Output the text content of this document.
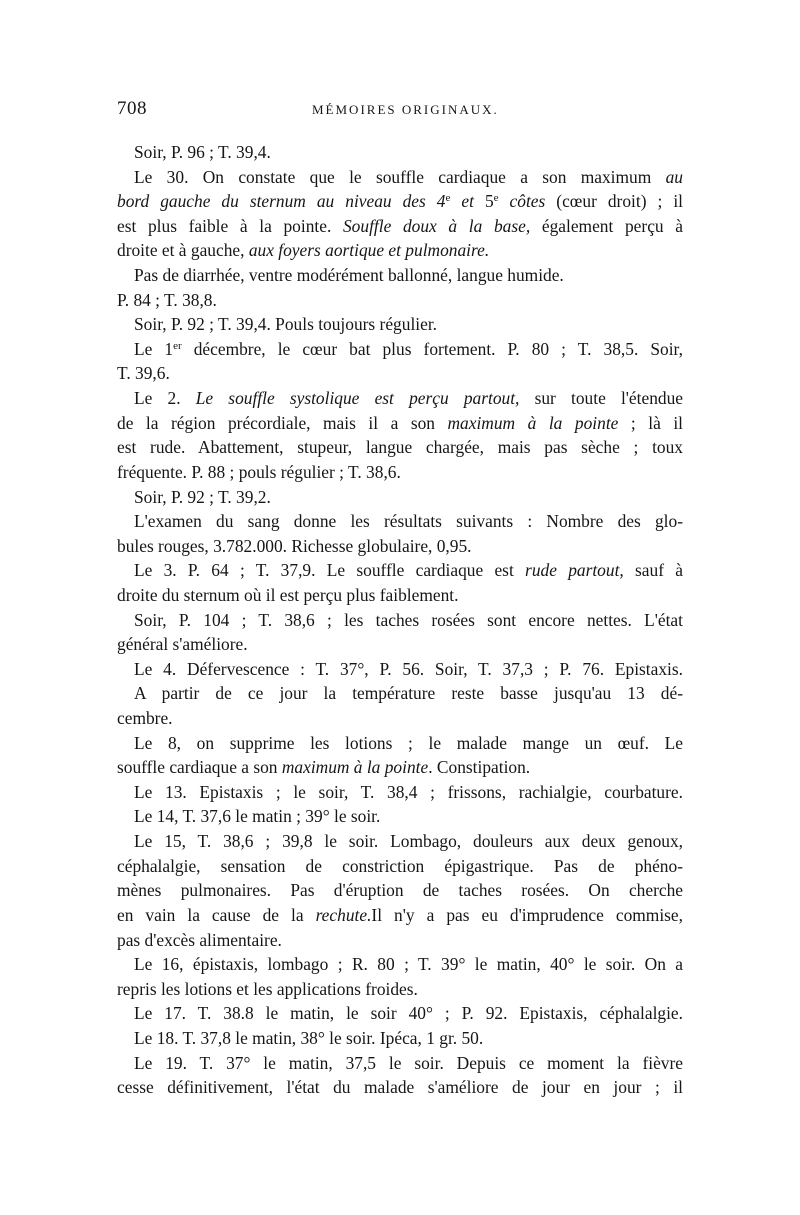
708	MÉMOIRES ORIGINAUX.
Soir, P. 96 ; T. 39,4.
Le 30. On constate que le souffle cardiaque a son maximum au
bord gauche du sternum au niveau des 4e et 5e côtes (cœur droit) ; il
est plus faible à la pointe. Souffle doux à la base, également perçu à
droite et à gauche, aux foyers aortique et pulmonaire.
Pas de diarrhée, ventre modérément ballonné, langue humide.
P. 84 ; T. 38,8.
Soir, P. 92 ; T. 39,4. Pouls toujours régulier.
Le 1er décembre, le cœur bat plus fortement. P. 80 ; T. 38,5. Soir,
T. 39,6.
Le 2. Le souffle systolique est perçu partout, sur toute l'étendue
de la région précordiale, mais il a son maximum à la pointe ; là il
est rude. Abattement, stupeur, langue chargée, mais pas sèche ; toux
fréquente. P. 88 ; pouls régulier ; T. 38,6.
Soir, P. 92 ; T. 39,2.
L'examen du sang donne les résultats suivants : Nombre des glo-
bules rouges, 3.782.000. Richesse globulaire, 0,95.
Le 3. P. 64 ; T. 37,9. Le souffle cardiaque est rude partout, sauf à
droite du sternum où il est perçu plus faiblement.
Soir, P. 104 ; T. 38,6 ; les taches rosées sont encore nettes. L'état
général s'améliore.
Le 4. Défervescence : T. 37°, P. 56. Soir, T. 37,3 ; P. 76. Epistaxis.
A partir de ce jour la température reste basse jusqu'au 13 dé-
cembre.
Le 8, on supprime les lotions ; le malade mange un œuf. Le
souffle cardiaque a son maximum à la pointe. Constipation.
Le 13. Epistaxis ; le soir, T. 38,4 ; frissons, rachialgie, courbature.
Le 14, T. 37,6 le matin ; 39° le soir.
Le 15, T. 38,6 ; 39,8 le soir. Lombago, douleurs aux deux genoux,
céphalalgie, sensation de constriction épigastrique. Pas de phéno-
mènes pulmonaires. Pas d'éruption de taches rosées. On cherche
en vain la cause de la rechute.Il n'y a pas eu d'imprudence commise,
pas d'excès alimentaire.
Le 16, épistaxis, lombago ; R. 80 ; T. 39° le matin, 40° le soir. On a
repris les lotions et les applications froides.
Le 17. T. 38.8 le matin, le soir 40° ; P. 92. Epistaxis, céphalalgie.
Le 18. T. 37,8 le matin, 38° le soir. Ipéca, 1 gr. 50.
Le 19. T. 37° le matin, 37,5 le soir. Depuis ce moment la fièvre
cesse définitivement, l'état du malade s'améliore de jour en jour ; il
